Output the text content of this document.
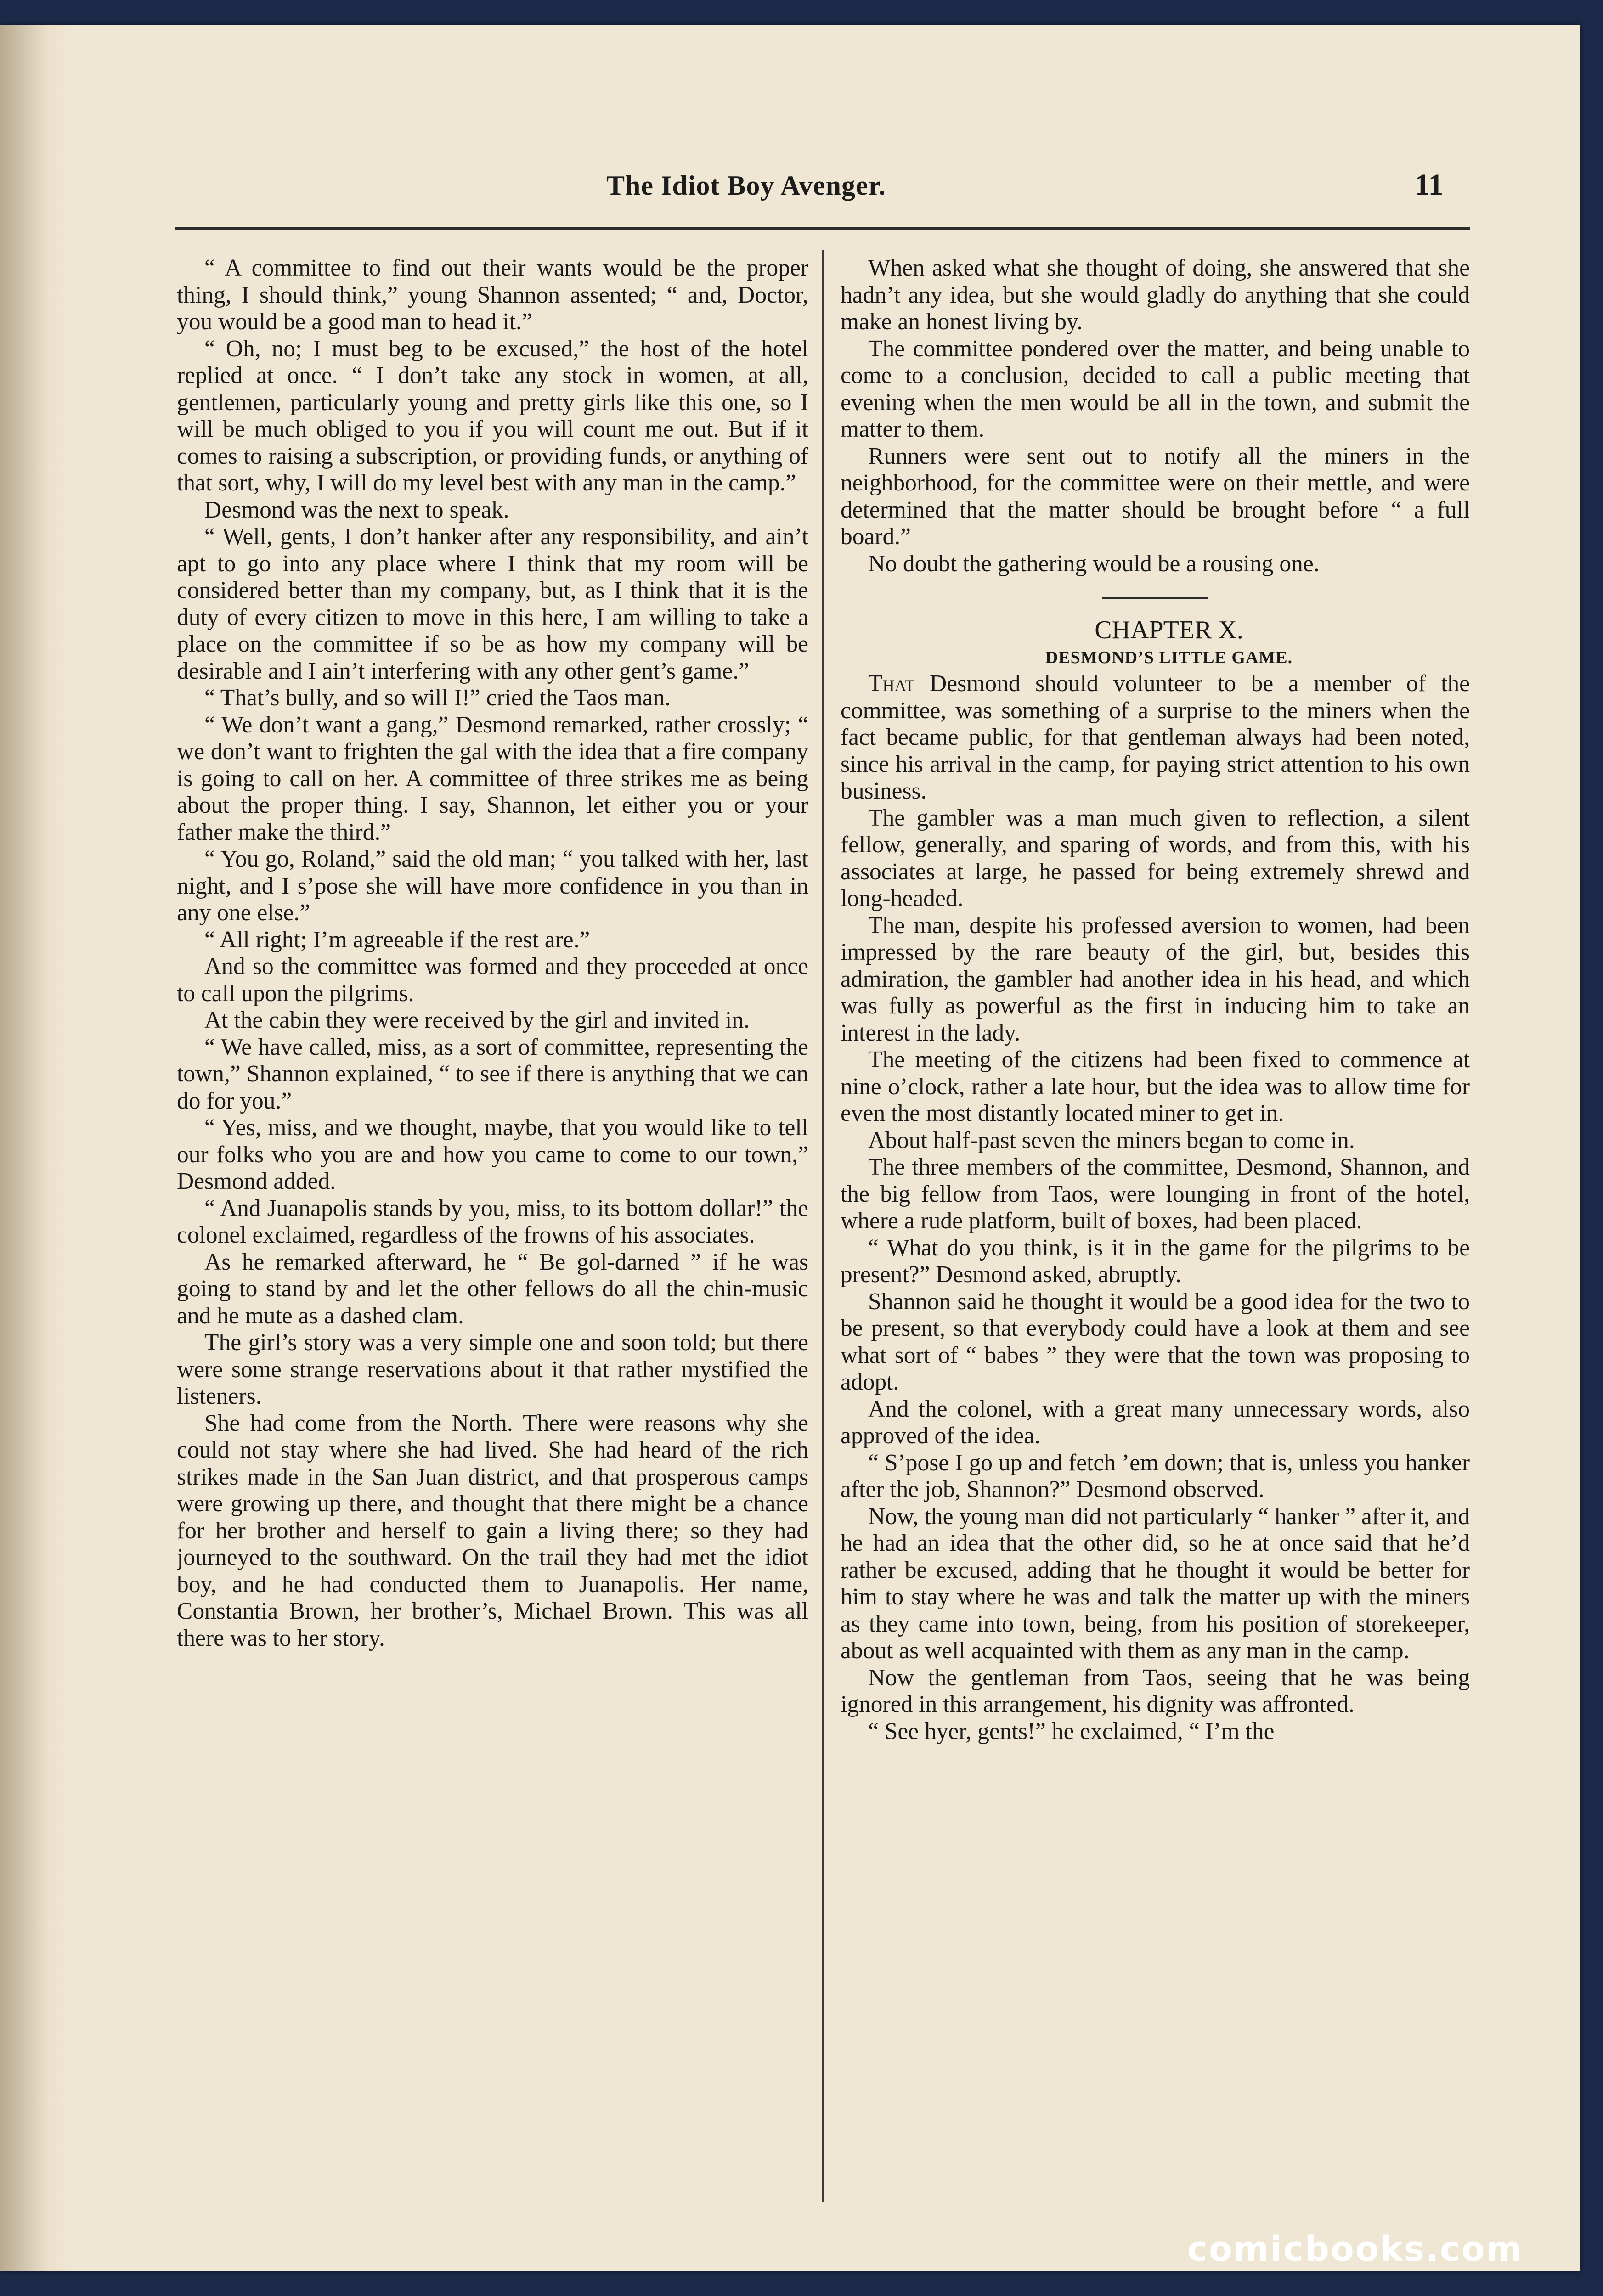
The Idiot Boy Avenger.	11

“ A committee to find out their wants would be the proper thing, I should think,” young Shannon assented; “ and, Doctor, you would be a good man to head it.”

“ Oh, no; I must beg to be excused,” the host of the hotel replied at once. “ I don’t take any stock in women, at all, gentlemen, particularly young and pretty girls like this one, so I will be much obliged to you if you will count me out. But if it comes to raising a subscription, or providing funds, or anything of that sort, why, I will do my level best with any man in the camp.”

Desmond was the next to speak.

“ Well, gents, I don’t hanker after any responsibility, and ain’t apt to go into any place where I think that my room will be considered better than my company, but, as I think that it is the duty of every citizen to move in this here, I am willing to take a place on the committee if so be as how my company will be desirable and I ain’t interfering with any other gent’s game.”

“ That’s bully, and so will I!” cried the Taos man.

“ We don’t want a gang,” Desmond remarked, rather crossly; “ we don’t want to frighten the gal with the idea that a fire company is going to call on her. A committee of three strikes me as being about the proper thing. I say, Shannon, let either you or your father make the third.”

“ You go, Roland,” said the old man; “ you talked with her, last night, and I s’pose she will have more confidence in you than in any one else.”

“ All right; I’m agreeable if the rest are.”

And so the committee was formed and they proceeded at once to call upon the pilgrims.

At the cabin they were received by the girl and invited in.

“ We have called, miss, as a sort of committee, representing the town,” Shannon explained, “ to see if there is anything that we can do for you.”

“ Yes, miss, and we thought, maybe, that you would like to tell our folks who you are and how you came to come to our town,” Desmond added.

“ And Juanapolis stands by you, miss, to its bottom dollar!” the colonel exclaimed, regardless of the frowns of his associates.

As he remarked afterward, he “ Be gol-darned ” if he was going to stand by and let the other fellows do all the chin-music and he mute as a dashed clam.

The girl’s story was a very simple one and soon told; but there were some strange reservations about it that rather mystified the listeners.

She had come from the North. There were reasons why she could not stay where she had lived. She had heard of the rich strikes made in the San Juan district, and that prosperous camps were growing up there, and thought that there might be a chance for her brother and herself to gain a living there; so they had journeyed to the southward. On the trail they had met the idiot boy, and he had conducted them to Juanapolis. Her name, Constantia Brown, her brother’s, Michael Brown. This was all there was to her story.

When asked what she thought of doing, she answered that she hadn’t any idea, but she would gladly do anything that she could make an honest living by.

The committee pondered over the matter, and being unable to come to a conclusion, decided to call a public meeting that evening when the men would be all in the town, and submit the matter to them.

Runners were sent out to notify all the miners in the neighborhood, for the committee were on their mettle, and were determined that the matter should be brought before “ a full board.”

No doubt the gathering would be a rousing one.

CHAPTER X.

DESMOND’S LITTLE GAME.

That Desmond should volunteer to be a member of the committee, was something of a surprise to the miners when the fact became public, for that gentleman always had been noted, since his arrival in the camp, for paying strict attention to his own business.

The gambler was a man much given to reflection, a silent fellow, generally, and sparing of words, and from this, with his associates at large, he passed for being extremely shrewd and long-headed.

The man, despite his professed aversion to women, had been impressed by the rare beauty of the girl, but, besides this admiration, the gambler had another idea in his head, and which was fully as powerful as the first in inducing him to take an interest in the lady.

The meeting of the citizens had been fixed to commence at nine o’clock, rather a late hour, but the idea was to allow time for even the most distantly located miner to get in.

About half-past seven the miners began to come in.

The three members of the committee, Desmond, Shannon, and the big fellow from Taos, were lounging in front of the hotel, where a rude platform, built of boxes, had been placed.

“ What do you think, is it in the game for the pilgrims to be present?” Desmond asked, abruptly.

Shannon said he thought it would be a good idea for the two to be present, so that everybody could have a look at them and see what sort of “ babes ” they were that the town was proposing to adopt.

And the colonel, with a great many unnecessary words, also approved of the idea.

“ S’pose I go up and fetch ’em down; that is, unless you hanker after the job, Shannon?” Desmond observed.

Now, the young man did not particularly “ hanker ” after it, and he had an idea that the other did, so he at once said that he’d rather be excused, adding that he thought it would be better for him to stay where he was and talk the matter up with the miners as they came into town, being, from his position of storekeeper, about as well acquainted with them as any man in the camp.

Now the gentleman from Taos, seeing that he was being ignored in this arrangement, his dignity was affronted.

“ See hyer, gents!” he exclaimed, “ I’m the

comicbooks.com
